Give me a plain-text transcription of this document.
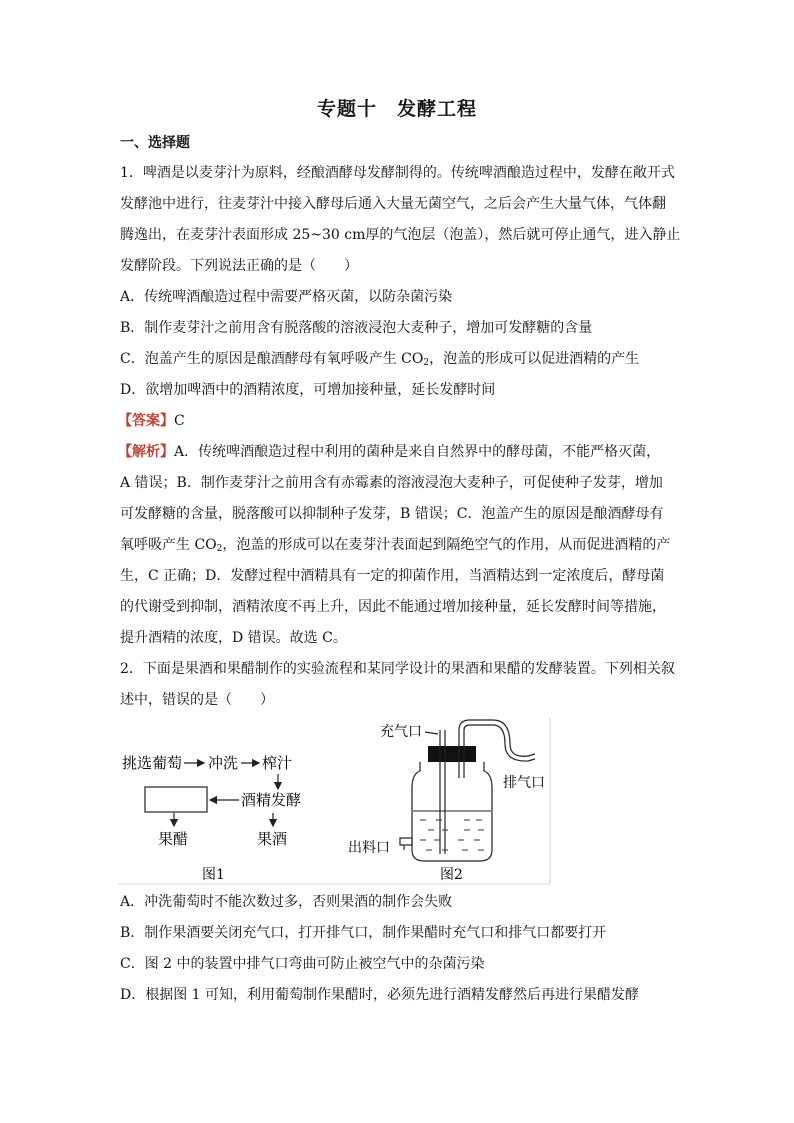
专题十　发酵工程
一、选择题
1．啤酒是以麦芽汁为原料，经酿酒酵母发酵制得的。传统啤酒酿造过程中，发酵在敞开式
发酵池中进行，往麦芽汁中接入酵母后通入大量无菌空气，之后会产生大量气体，气体翻
腾逸出，在麦芽汁表面形成 25~30 cm厚的气泡层（泡盖），然后就可停止通气，进入静止
发酵阶段。下列说法正确的是（　　）
A．传统啤酒酿造过程中需要严格灭菌，以防杂菌污染
B．制作麦芽汁之前用含有脱落酸的溶液浸泡大麦种子，增加可发酵糖的含量
C．泡盖产生的原因是酿酒酵母有氧呼吸产生 $CO_2$，泡盖的形成可以促进酒精的产生
D．欲增加啤酒中的酒精浓度，可增加接种量，延长发酵时间
【答案】C
【解析】A．传统啤酒酿造过程中利用的菌种是来自自然界中的酵母菌，不能严格灭菌，
A 错误；B．制作麦芽汁之前用含有赤霉素的溶液浸泡大麦种子，可促使种子发芽，增加
可发酵糖的含量，脱落酸可以抑制种子发芽，B 错误；C．泡盖产生的原因是酿酒酵母有
氧呼吸产生 $CO_2$，泡盖的形成可以在麦芽汁表面起到隔绝空气的作用，从而促进酒精的产
生，C 正确；D．发酵过程中酒精具有一定的抑菌作用，当酒精达到一定浓度后，酵母菌
的代谢受到抑制，酒精浓度不再上升，因此不能通过增加接种量，延长发酵时间等措施，
提升酒精的浓度，D 错误。故选 C。
2．下面是果酒和果醋制作的实验流程和某同学设计的果酒和果醋的发酵装置。下列相关叙
述中，错误的是（　　）
挑选葡萄 冲洗 榨汁
酒精发酵
果醋	果酒
图1
充气口
排气口
出料口
图2
A．冲洗葡萄时不能次数过多，否则果酒的制作会失败
B．制作果酒要关闭充气口，打开排气口，制作果醋时充气口和排气口都要打开
C．图 2 中的装置中排气口弯曲可防止被空气中的杂菌污染
D．根据图 1 可知，利用葡萄制作果醋时，必须先进行酒精发酵然后再进行果醋发酵
